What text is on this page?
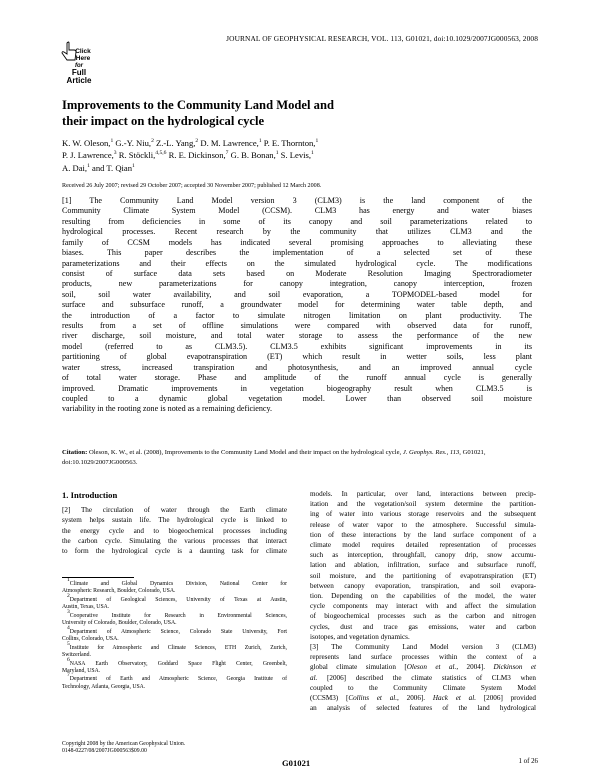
JOURNAL OF GEOPHYSICAL RESEARCH, VOL. 113, G01021, doi:10.1029/2007JG000563, 2008
Click
Here
for
Full
Article
Improvements to the Community Land Model and
their impact on the hydrological cycle
K. W. Oleson,$^1$ G.-Y. Niu,$^2$ Z.-L. Yang,$^2$ D. M. Lawrence,$^1$ P. E. Thornton,$^1$
P. J. Lawrence,$^3$ R. Stöckli,$^{4,5,6}$ R. E. Dickinson,$^7$ G. B. Bonan,$^1$ S. Levis,$^1$
A. Dai,$^1$ and T. Qian$^1$
Received 26 July 2007; revised 29 October 2007; accepted 30 November 2007; published 12 March 2008.
[1] The Community Land Model version 3 (CLM3) is the land component of the
Community Climate System Model (CCSM). CLM3 has energy and water biases
resulting from deficiencies in some of its canopy and soil parameterizations related to
hydrological processes. Recent research by the community that utilizes CLM3 and the
family of CCSM models has indicated several promising approaches to alleviating these
biases. This paper describes the implementation of a selected set of these
parameterizations and their effects on the simulated hydrological cycle. The modifications
consist of surface data sets based on Moderate Resolution Imaging Spectroradiometer
products, new parameterizations for canopy integration, canopy interception, frozen
soil, soil water availability, and soil evaporation, a TOPMODEL-based model for
surface and subsurface runoff, a groundwater model for determining water table depth, and
the introduction of a factor to simulate nitrogen limitation on plant productivity. The
results from a set of offline simulations were compared with observed data for runoff,
river discharge, soil moisture, and total water storage to assess the performance of the new
model (referred to as CLM3.5). CLM3.5 exhibits significant improvements in its
partitioning of global evapotranspiration (ET) which result in wetter soils, less plant
water stress, increased transpiration and photosynthesis, and an improved annual cycle
of total water storage. Phase and amplitude of the runoff annual cycle is generally
improved. Dramatic improvements in vegetation biogeography result when CLM3.5 is
coupled to a dynamic global vegetation model. Lower than observed soil moisture
variability in the rooting zone is noted as a remaining deficiency.
Citation: Oleson, K. W., et al. (2008), Improvements to the Community Land Model and their impact on the hydrological cycle, J. Geophys. Res., 113, G01021, doi:10.1029/2007JG000563.
1. Introduction
[2] The circulation of water through the Earth climate
system helps sustain life. The hydrological cycle is linked to
the energy cycle and to biogeochemical processes including
the carbon cycle. Simulating the various processes that interact
to form the hydrological cycle is a daunting task for climate
$^1$Climate and Global Dynamics Division, National Center for
Atmospheric Research, Boulder, Colorado, USA.
$^2$Department of Geological Sciences, University of Texas at Austin,
Austin, Texas, USA.
$^3$Cooperative Institute for Research in Environmental Sciences,
University of Colorado, Boulder, Colorado, USA.
$^4$Department of Atmospheric Science, Colorado State University, Fort
Collins, Colorado, USA.
$^5$Institute for Atmospheric and Climate Sciences, ETH Zurich, Zurich,
Switzerland.
$^6$NASA Earth Observatory, Goddard Space Flight Center, Greenbelt,
Maryland, USA.
$^7$Department of Earth and Atmospheric Science, Georgia Institute of
Technology, Atlanta, Georgia, USA.
Copyright 2008 by the American Geophysical Union.
0148-0227/08/2007JG000563$09.00
models. In particular, over land, interactions between precip-
itation and the vegetation/soil system determine the partition-
ing of water into various storage reservoirs and the subsequent
release of water vapor to the atmosphere. Successful simula-
tion of these interactions by the land surface component of a
climate model requires detailed representation of processes
such as interception, throughfall, canopy drip, snow accumu-
lation and ablation, infiltration, surface and subsurface runoff,
soil moisture, and the partitioning of evapotranspiration (ET)
between canopy evaporation, transpiration, and soil evapora-
tion. Depending on the capabilities of the model, the water
cycle components may interact with and affect the simulation
of biogeochemical processes such as the carbon and nitrogen
cycles, dust and trace gas emissions, water and carbon
isotopes, and vegetation dynamics.
[3] The Community Land Model version 3 (CLM3)
represents land surface processes within the context of a
global climate simulation [Oleson et al., 2004]. Dickinson et
al. [2006] described the climate statistics of CLM3 when
coupled to the Community Climate System Model
(CCSM3) [Collins et al., 2006]. Hack et al. [2006] provided
an analysis of selected features of the land hydrological
G01021	1 of 26
